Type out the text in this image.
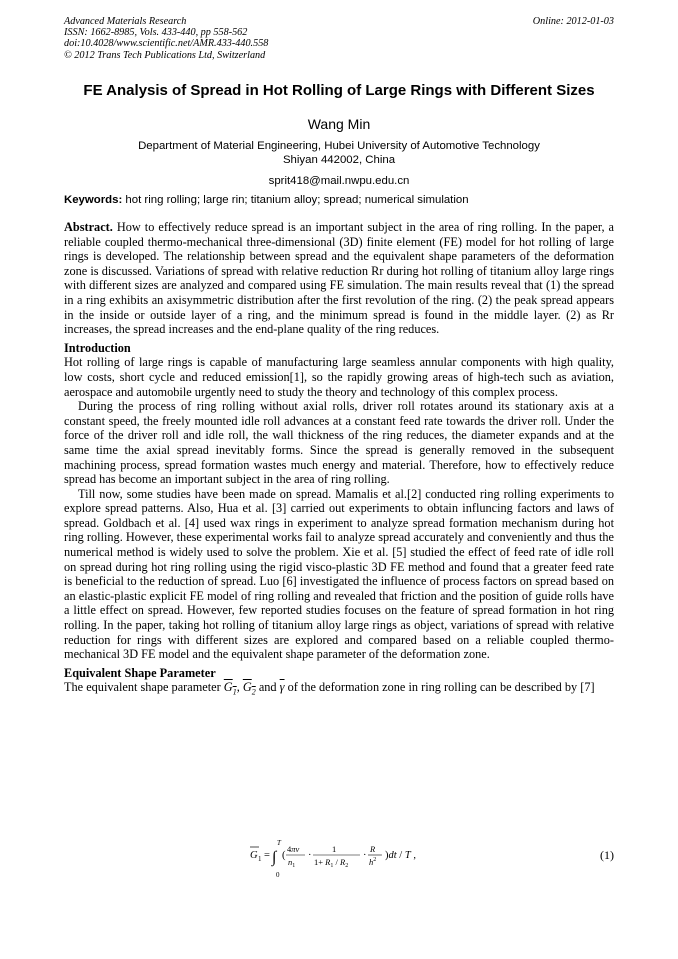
Advanced Materials Research
ISSN: 1662-8985, Vols. 433-440, pp 558-562
doi:10.4028/www.scientific.net/AMR.433-440.558
© 2012 Trans Tech Publications Ltd, Switzerland
Online: 2012-01-03
FE Analysis of Spread in Hot Rolling of Large Rings with Different Sizes
Wang Min
Department of Material Engineering, Hubei University of Automotive Technology
Shiyan 442002, China
sprit418@mail.nwpu.edu.cn
Keywords: hot ring rolling; large rin; titanium alloy; spread; numerical simulation

Abstract. How to effectively reduce spread is an important subject in the area of ring rolling. In the paper, a reliable coupled thermo-mechanical three-dimensional (3D) finite element (FE) model for hot rolling of large rings is developed. The relationship between spread and the equivalent shape parameters of the deformation zone is discussed. Variations of spread with relative reduction Rr during hot rolling of titanium alloy large rings with different sizes are analyzed and compared using FE simulation. The main results reveal that (1) the spread in a ring exhibits an axisymmetric distribution after the first revolution of the ring. (2) the peak spread appears in the inside or outside layer of a ring, and the minimum spread is found in the middle layer. (2) as Rr increases, the spread increases and the end-plane quality of the ring reduces.

Introduction

Hot rolling of large rings is capable of manufacturing large seamless annular components with high quality, low costs, short cycle and reduced emission[1], so the rapidly growing areas of high-tech such as aviation, aerospace and automobile urgently need to study the theory and technology of this complex process.

During the process of ring rolling without axial rolls, driver roll rotates around its stationary axis at a constant speed, the freely mounted idle roll advances at a constant feed rate towards the driver roll. Under the force of the driver roll and idle roll, the wall thickness of the ring reduces, the diameter expands and at the same time the axial spread inevitably forms. Since the spread is generally removed in the subsequent machining process, spread formation wastes much energy and material. Therefore, how to effectively reduce spread has become an important subject in the area of ring rolling.

Till now, some studies have been made on spread. Mamalis et al.[2] conducted ring rolling experiments to explore spread patterns. Also, Hua et al. [3] carried out experiments to obtain influncing factors and laws of spread. Goldbach et al. [4] used wax rings in experiment to analyze spread formation mechanism during hot ring rolling. However, these experimental works fail to analyze spread accurately and conveniently and thus the numerical method is widely used to solve the problem. Xie et al. [5] studied the effect of feed rate of idle roll on spread during hot ring rolling using the rigid visco-plastic 3D FE method and found that a greater feed rate is beneficial to the reduction of spread. Luo [6] investigated the influence of process factors on spread based on an elastic-plastic explicit FE model of ring rolling and revealed that friction and the position of guide rolls have a little effect on spread. However, few reported studies focuses on the feature of spread formation in hot ring rolling. In the paper, taking hot rolling of titanium alloy large rings as object, variations of spread with relative reduction for rings with different sizes are explored and compared based on a reliable coupled thermo-mechanical 3D FE model and the equivalent shape parameter of the deformation zone.

Equivalent Shape Parameter

The equivalent shape parameter $G_1$, $G_2$ and $\overline{\gamma}$ of the deformation zone in ring rolling can be described by [7]

G 1 = ∫
T
0
(
4πv
$n_1$
·
1
$1+ R_1 / R_2$
·
R
$h^2$ )dt / T ,	(1)
